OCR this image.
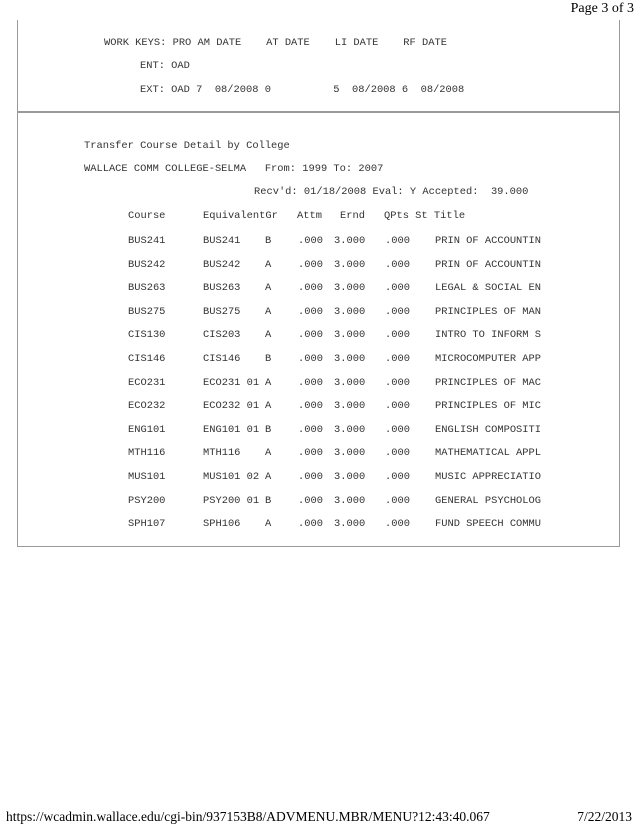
Page 3 of 3
WORK KEYS: PRO AM DATE    AT DATE    LI DATE    RF DATE
ENT: OAD
EXT: OAD 7  08/2008 0          5  08/2008 6  08/2008
Transfer Course Detail by College
WALLACE COMM COLLEGE-SELMA   From: 1999 To: 2007
Recv'd: 01/18/2008 Eval: Y Accepted:  39.000
Course	EquivalentGr Attm Ernd QPts St Title
BUS241	BUS241 B	.000 3.000 .000 PRIN OF ACCOUNTIN
BUS242	BUS242 A	.000 3.000 .000 PRIN OF ACCOUNTIN
BUS263	BUS263 A	.000 3.000 .000 LEGAL & SOCIAL EN
BUS275	BUS275 A	.000 3.000 .000 PRINCIPLES OF MAN
CIS130	CIS203 A	.000 3.000 .000 INTRO TO INFORM S
CIS146	CIS146 B	.000 3.000 .000 MICROCOMPUTER APP
ECO231	ECO231 01 A	.000 3.000 .000 PRINCIPLES OF MAC
ECO232	ECO232 01 A	.000 3.000 .000 PRINCIPLES OF MIC
ENG101	ENG101 01 B	.000 3.000 .000 ENGLISH COMPOSITI
MTH116	MTH116 A	.000 3.000 .000 MATHEMATICAL APPL
MUS101	MUS101 02 A	.000 3.000 .000 MUSIC APPRECIATIO
PSY200	PSY200 01 B	.000 3.000 .000 GENERAL PSYCHOLOG
SPH107	SPH106 A	.000 3.000 .000 FUND SPEECH COMMU
https://wcadmin.wallace.edu/cgi-bin/937153B8/ADVMENU.MBR/MENU?12:43:40.067	7/22/2013
